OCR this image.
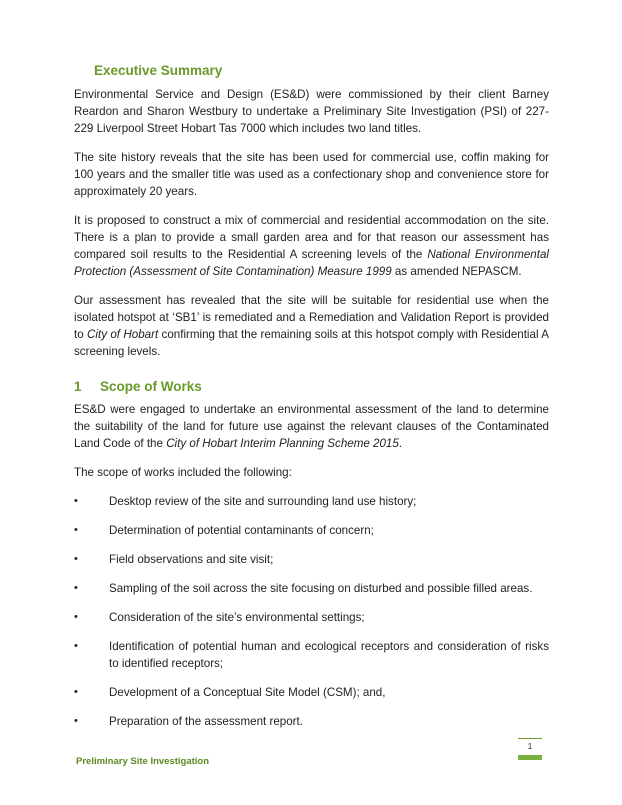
Executive Summary

Environmental Service and Design (ES&D) were commissioned by their client Barney Reardon and Sharon Westbury to undertake a Preliminary Site Investigation (PSI) of 227-229 Liverpool Street Hobart Tas 7000 which includes two land titles.

The site history reveals that the site has been used for commercial use, coffin making for 100 years and the smaller title was used as a confectionary shop and convenience store for approximately 20 years.

It is proposed to construct a mix of commercial and residential accommodation on the site. There is a plan to provide a small garden area and for that reason our assessment has compared soil results to the Residential A screening levels of the National Environmental Protection (Assessment of Site Contamination) Measure 1999 as amended NEPASCM.

Our assessment has revealed that the site will be suitable for residential use when the isolated hotspot at ‘SB1’ is remediated and a Remediation and Validation Report is provided to City of Hobart confirming that the remaining soils at this hotspot comply with Residential A screening levels.

1	Scope of Works

ES&D were engaged to undertake an environmental assessment of the land to determine the suitability of the land for future use against the relevant clauses of the Contaminated Land Code of the City of Hobart Interim Planning Scheme 2015.

The scope of works included the following:

•	Desktop review of the site and surrounding land use history;
•	Determination of potential contaminants of concern;
•	Field observations and site visit;
•	Sampling of the soil across the site focusing on disturbed and possible filled areas.
•	Consideration of the site’s environmental settings;
•	Identification of potential human and ecological receptors and consideration of risks to identified receptors;
•	Development of a Conceptual Site Model (CSM); and,
•	Preparation of the assessment report.
1
Preliminary Site Investigation
